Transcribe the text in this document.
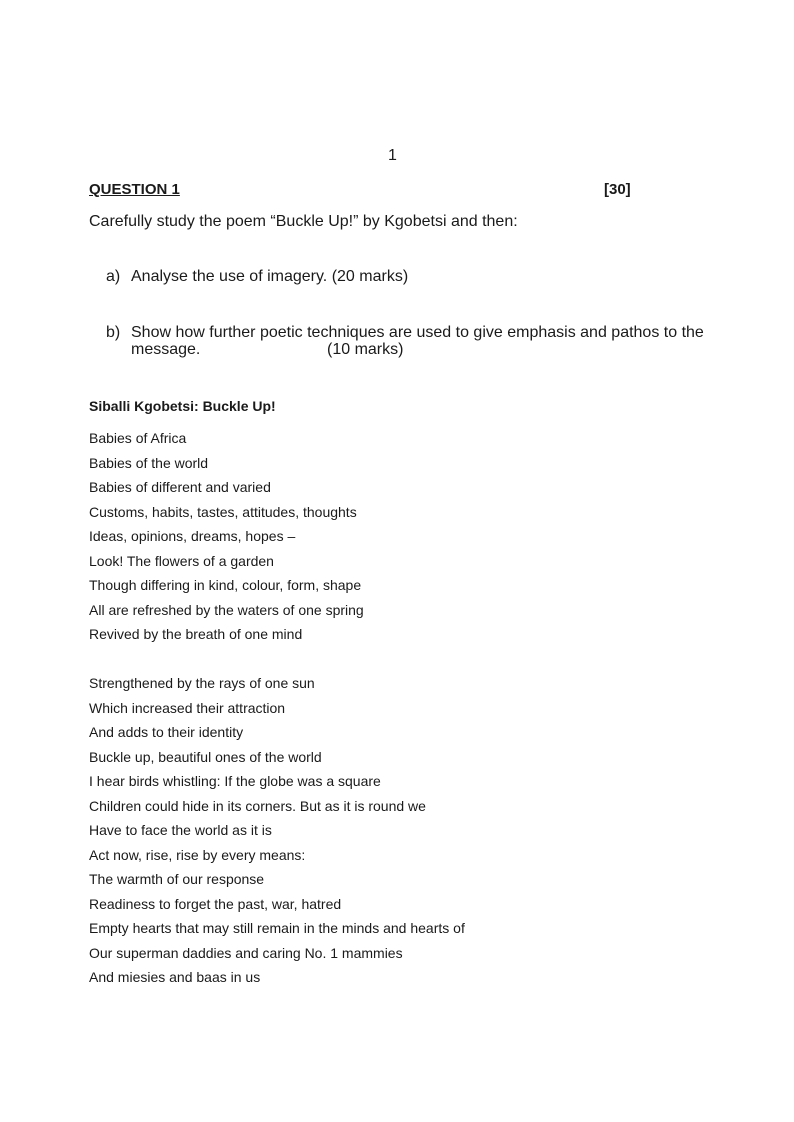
1
QUESTION 1	[30]
Carefully study the poem “Buckle Up!” by Kgobetsi and then:
a) Analyse the use of imagery. (20 marks)
b) Show how further poetic techniques are used to give emphasis and pathos to the
message.	(10 marks)
Siballi Kgobetsi: Buckle Up!
Babies of Africa
Babies of the world
Babies of different and varied
Customs, habits, tastes, attitudes, thoughts
Ideas, opinions, dreams, hopes –
Look! The flowers of a garden
Though differing in kind, colour, form, shape
All are refreshed by the waters of one spring
Revived by the breath of one mind
Strengthened by the rays of one sun
Which increased their attraction
And adds to their identity
Buckle up, beautiful ones of the world
I hear birds whistling: If the globe was a square
Children could hide in its corners. But as it is round we
Have to face the world as it is
Act now, rise, rise by every means:
The warmth of our response
Readiness to forget the past, war, hatred
Empty hearts that may still remain in the minds and hearts of
Our superman daddies and caring No. 1 mammies
And miesies and baas in us
